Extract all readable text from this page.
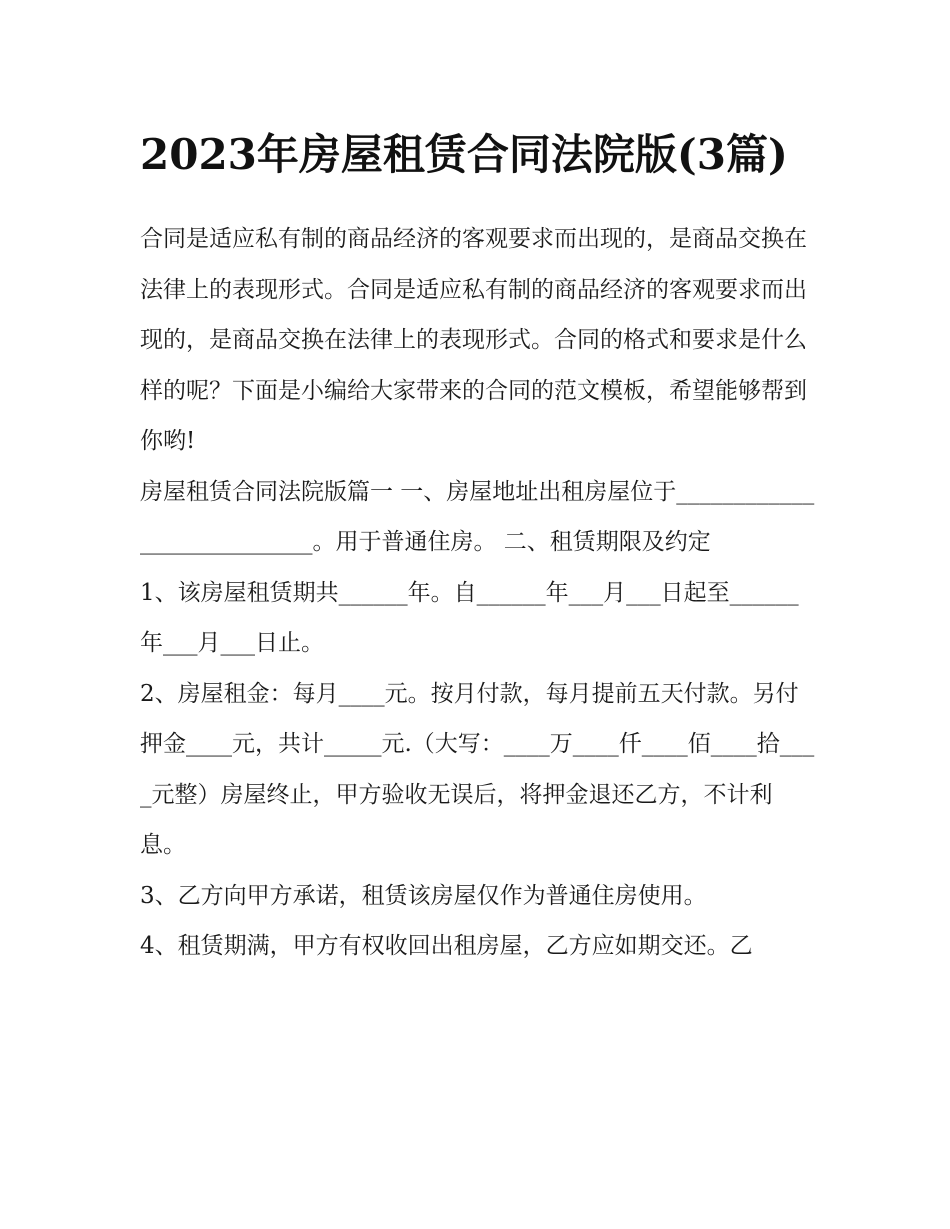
2023年房屋租赁合同法院版(3篇)

合同是适应私有制的商品经济的客观要求而出现的，是商品交换在法律上的表现形式。合同是适应私有制的商品经济的客观要求而出现的，是商品交换在法律上的表现形式。合同的格式和要求是什么样的呢？下面是小编给大家带来的合同的范文模板，希望能够帮到你哟!

房屋租赁合同法院版篇一 一、房屋地址出租房屋位于___________________________。用于普通住房。 二、租赁期限及约定

1、该房屋租赁期共______年。自______年___月___日起至______年___月___日止。

2、房屋租金：每月____元。按月付款，每月提前五天付款。另付押金____元，共计_____元.（大写：____万____仟____佰____拾____元整）房屋终止，甲方验收无误后，将押金退还乙方，不计利息。

3、乙方向甲方承诺，租赁该房屋仅作为普通住房使用。

4、租赁期满，甲方有权收回出租房屋，乙方应如期交还。乙
